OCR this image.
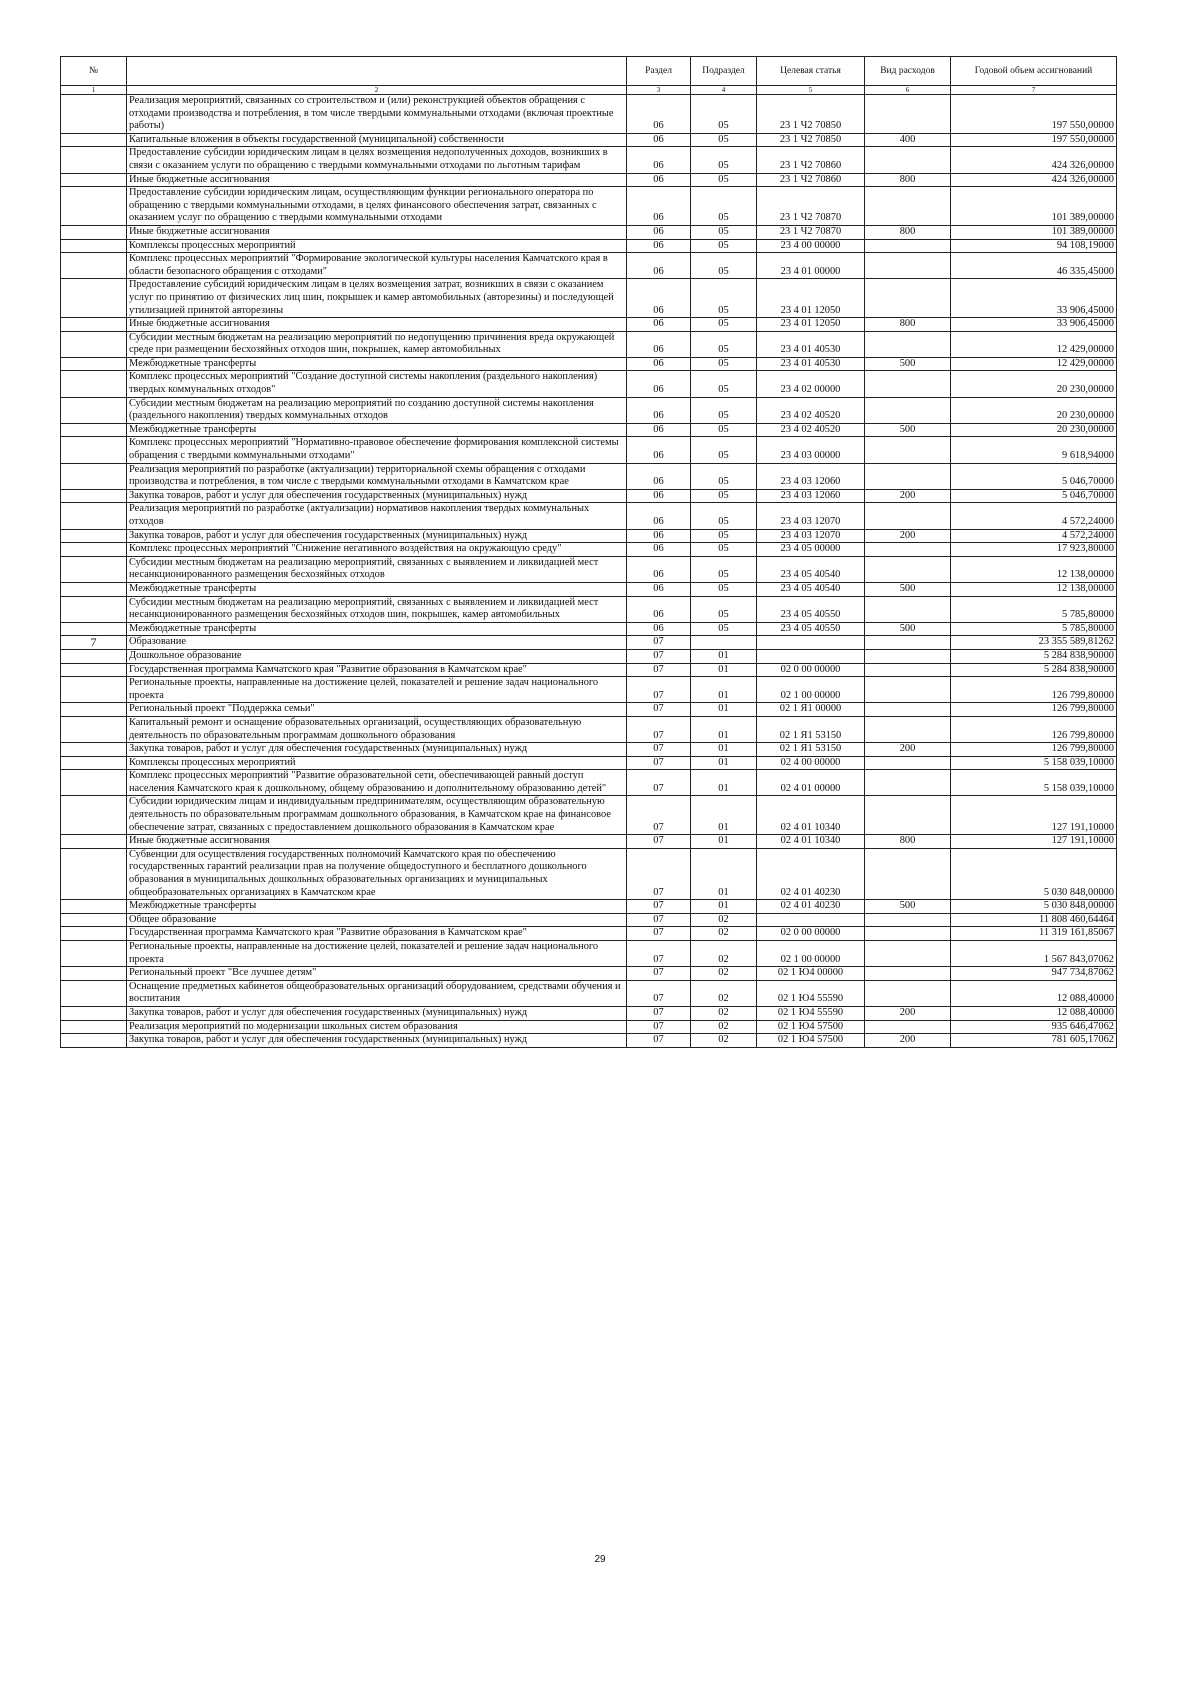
№		Раздел	Подраздел	Целевая статья	Вид расходов	Годовой объем ассигнований
1	2	3	4	5	6	7
	Реализация мероприятий, связанных со строительством и (или) реконструкцией объектов обращения с отходами производства и потребления, в том числе твердыми коммунальными отходами (включая проектные работы)	06	05	23 1 Ч2 70850		197 550,00000
	Капитальные вложения в объекты государственной (муниципальной) собственности	06	05	23 1 Ч2 70850	400	197 550,00000
	Предоставление субсидии юридическим лицам в целях возмещения недополученных доходов, возникших в связи с оказанием услуги по обращению с твердыми коммунальными отходами по льготным тарифам	06	05	23 1 Ч2 70860		424 326,00000
	Иные бюджетные ассигнования	06	05	23 1 Ч2 70860	800	424 326,00000
	Предоставление субсидии юридическим лицам, осуществляющим функции регионального оператора по обращению с твердыми коммунальными отходами, в целях финансового обеспечения затрат, связанных с оказанием услуг по обращению с твердыми коммунальными отходами	06	05	23 1 Ч2 70870		101 389,00000
	Иные бюджетные ассигнования	06	05	23 1 Ч2 70870	800	101 389,00000
	Комплексы процессных мероприятий	06	05	23 4 00 00000		94 108,19000
	Комплекс процессных мероприятий "Формирование экологической культуры населения Камчатского края в области безопасного обращения с отходами"	06	05	23 4 01 00000		46 335,45000
	Предоставление субсидий юридическим лицам в целях возмещения затрат, возникших в связи с оказанием услуг по принятию от физических лиц шин, покрышек и камер автомобильных (авторезины) и последующей утилизацией принятой авторезины	06	05	23 4 01 12050		33 906,45000
	Иные бюджетные ассигнования	06	05	23 4 01 12050	800	33 906,45000
	Субсидии местным бюджетам на реализацию мероприятий по недопущению причинения вреда окружающей среде при размещении бесхозяйных отходов шин, покрышек, камер автомобильных	06	05	23 4 01 40530		12 429,00000
	Межбюджетные трансферты	06	05	23 4 01 40530	500	12 429,00000
	Комплекс процессных мероприятий "Создание доступной системы накопления (раздельного накопления) твердых коммунальных отходов"	06	05	23 4 02 00000		20 230,00000
	Субсидии местным бюджетам на реализацию мероприятий по созданию доступной системы накопления (раздельного накопления) твердых коммунальных отходов	06	05	23 4 02 40520		20 230,00000
	Межбюджетные трансферты	06	05	23 4 02 40520	500	20 230,00000
	Комплекс процессных мероприятий "Нормативно-правовое обеспечение формирования комплексной системы обращения с твердыми коммунальными отходами"	06	05	23 4 03 00000		9 618,94000
	Реализация мероприятий по разработке (актуализации) территориальной схемы обращения с отходами производства и потребления, в том числе с твердыми коммунальными отходами в Камчатском крае	06	05	23 4 03 12060		5 046,70000
	Закупка товаров, работ и услуг для обеспечения государственных (муниципальных) нужд	06	05	23 4 03 12060	200	5 046,70000
	Реализация мероприятий по разработке (актуализации) нормативов накопления твердых коммунальных отходов	06	05	23 4 03 12070		4 572,24000
	Закупка товаров, работ и услуг для обеспечения государственных (муниципальных) нужд	06	05	23 4 03 12070	200	4 572,24000
	Комплекс процессных мероприятий "Снижение негативного воздействия на окружающую среду"	06	05	23 4 05 00000		17 923,80000
	Субсидии местным бюджетам на реализацию мероприятий, связанных с выявлением и ликвидацией мест несанкционированного размещения бесхозяйных отходов	06	05	23 4 05 40540		12 138,00000
	Межбюджетные трансферты	06	05	23 4 05 40540	500	12 138,00000
	Субсидии местным бюджетам на реализацию мероприятий, связанных с выявлением и ликвидацией мест несанкционированного размещения бесхозяйных отходов шин, покрышек, камер автомобильных	06	05	23 4 05 40550		5 785,80000
	Межбюджетные трансферты	06	05	23 4 05 40550	500	5 785,80000
7	Образование	07				23 355 589,81262
	Дошкольное образование	07	01			5 284 838,90000
	Государственная программа Камчатского края "Развитие образования в Камчатском крае"	07	01	02 0 00 00000		5 284 838,90000
	Региональные проекты, направленные на достижение целей, показателей и решение задач национального проекта	07	01	02 1 00 00000		126 799,80000
	Региональный проект "Поддержка семьи"	07	01	02 1 Я1 00000		126 799,80000
	Капитальный ремонт и оснащение образовательных организаций, осуществляющих образовательную деятельность по образовательным программам дошкольного образования	07	01	02 1 Я1 53150		126 799,80000
	Закупка товаров, работ и услуг для обеспечения государственных (муниципальных) нужд	07	01	02 1 Я1 53150	200	126 799,80000
	Комплексы процессных мероприятий	07	01	02 4 00 00000		5 158 039,10000
	Комплекс процессных мероприятий "Развитие образовательной сети, обеспечивающей равный доступ населения Камчатского края к дошкольному, общему образованию и дополнительному образованию детей"	07	01	02 4 01 00000		5 158 039,10000
	Субсидии юридическим лицам и индивидуальным предпринимателям, осуществляющим образовательную деятельность по образовательным программам дошкольного образования, в Камчатском крае на финансовое обеспечение затрат, связанных с предоставлением дошкольного образования в Камчатском крае	07	01	02 4 01 10340		127 191,10000
	Иные бюджетные ассигнования	07	01	02 4 01 10340	800	127 191,10000
	Субвенции для осуществления государственных полномочий Камчатского края по обеспечению государственных гарантий реализации прав на получение общедоступного и бесплатного дошкольного образования в муниципальных дошкольных образовательных организациях и муниципальных общеобразовательных организациях в Камчатском крае	07	01	02 4 01 40230		5 030 848,00000
	Межбюджетные трансферты	07	01	02 4 01 40230	500	5 030 848,00000
	Общее образование	07	02			11 808 460,64464
	Государственная программа Камчатского края "Развитие образования в Камчатском крае"	07	02	02 0 00 00000		11 319 161,85067
	Региональные проекты, направленные на достижение целей, показателей и решение задач национального проекта	07	02	02 1 00 00000		1 567 843,07062
	Региональный проект "Все лучшее детям"	07	02	02 1 Ю4 00000		947 734,87062
	Оснащение предметных кабинетов общеобразовательных организаций оборудованием, средствами обучения и воспитания	07	02	02 1 Ю4 55590		12 088,40000
	Закупка товаров, работ и услуг для обеспечения государственных (муниципальных) нужд	07	02	02 1 Ю4 55590	200	12 088,40000
	Реализация мероприятий по модернизации школьных систем образования	07	02	02 1 Ю4 57500		935 646,47062
	Закупка товаров, работ и услуг для обеспечения государственных (муниципальных) нужд	07	02	02 1 Ю4 57500	200	781 605,17062
29
